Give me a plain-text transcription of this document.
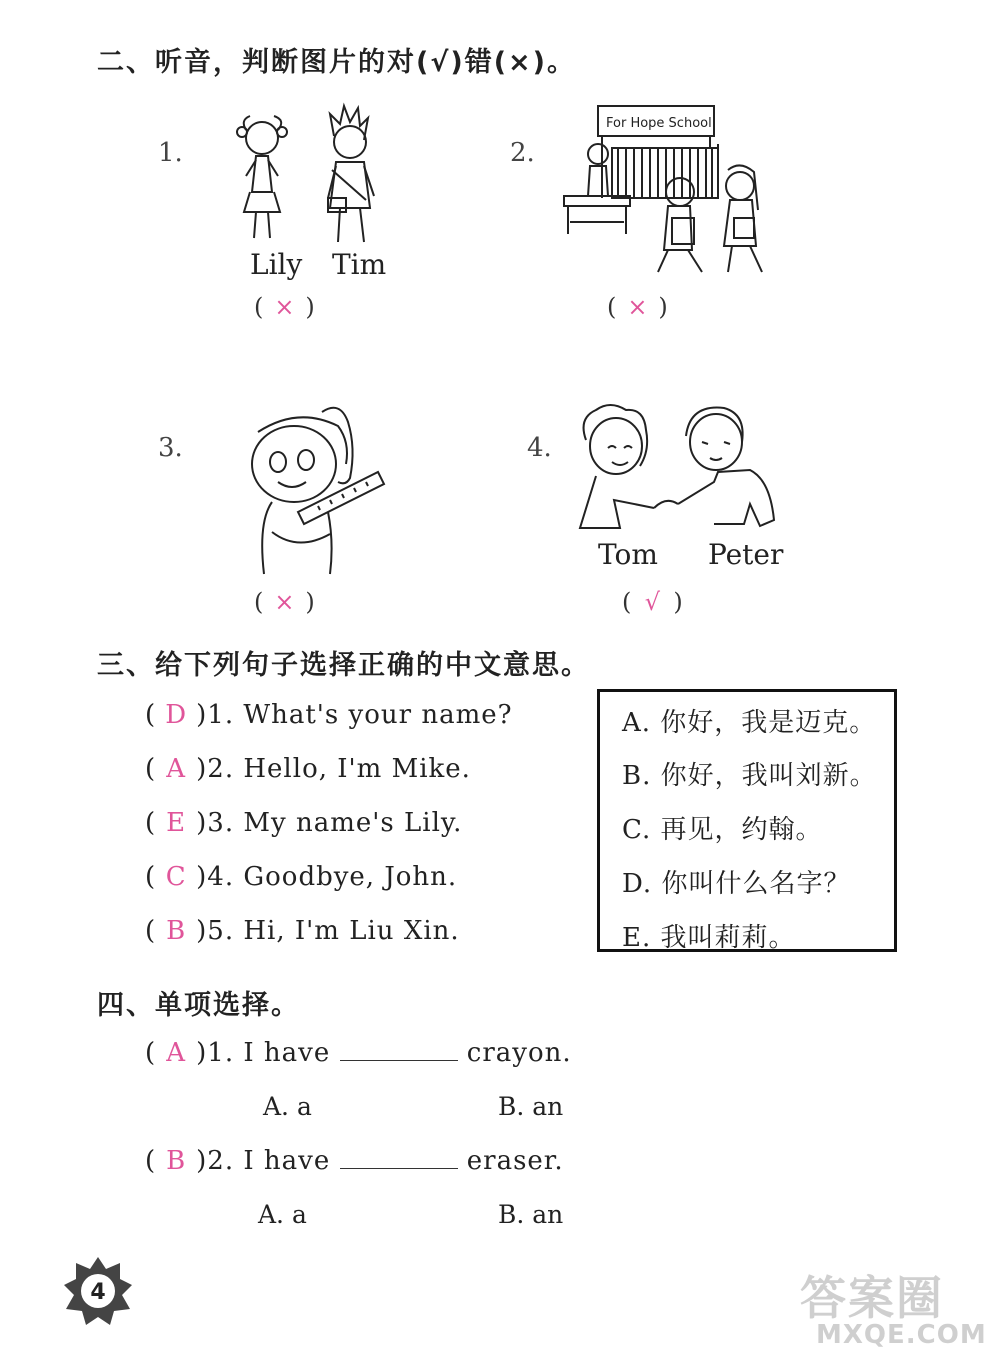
二、听音，判断图片的对(√)错(×)。
1.
Lily Tim
( × )
2.
For Hope School
( × )
3.
( × )
4.
Tom Peter
( √ )
三、给下列句子选择正确的中文意思。
( D )1. What's your name?
( A )2. Hello, I'm Mike.
( E )3. My name's Lily.
( C )4. Goodbye, John.
( B )5. Hi, I'm Liu Xin.
A. 你好，我是迈克。
B. 你好，我叫刘新。
C. 再见，约翰。
D. 你叫什么名字？
E. 我叫莉莉。
四、单项选择。
( A )1. I have	crayon.
A. a	B. an
( B )2. I have	eraser.
A. a	B. an
4	答案圈
MXQE.COM
